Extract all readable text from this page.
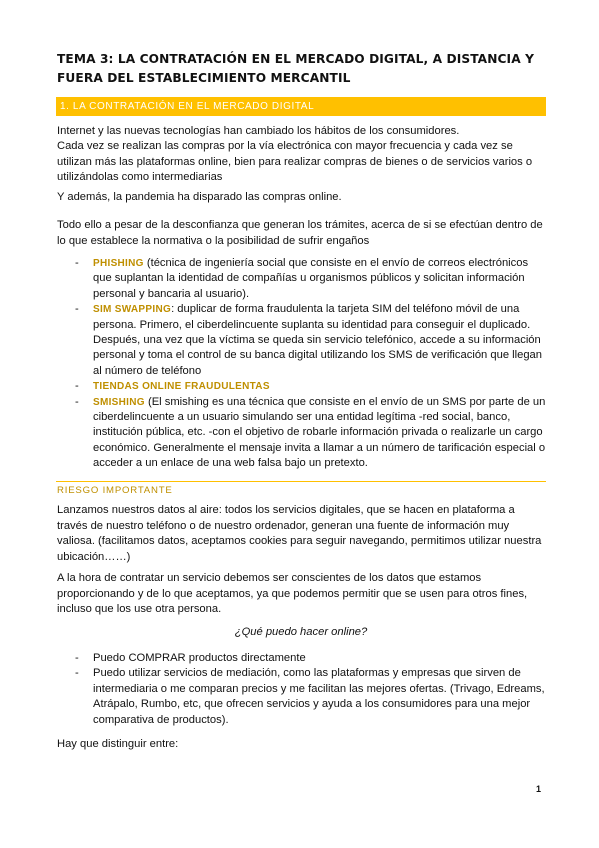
TEMA 3: LA CONTRATACIÓN EN EL MERCADO DIGITAL, A DISTANCIA Y FUERA DEL ESTABLECIMIENTO MERCANTIL
1. LA CONTRATACIÓN EN EL MERCADO DIGITAL
Internet y las nuevas tecnologías han cambiado los hábitos de los consumidores.
Cada vez se realizan las compras por la vía electrónica con mayor frecuencia y cada vez se utilizan más las plataformas online, bien para realizar compras de bienes o de servicios varios o utilizándolas como intermediarias
Y además, la pandemia ha disparado las compras online.
Todo ello a pesar de la desconfianza que generan los trámites, acerca de si se efectúan dentro de lo que establece la normativa o la posibilidad de sufrir engaños
- PHISHING (técnica de ingeniería social que consiste en el envío de correos electrónicos que suplantan la identidad de compañías u organismos públicos y solicitan información personal y bancaria al usuario).
- SIM SWAPPING: duplicar de forma fraudulenta la tarjeta SIM del teléfono móvil de una persona. Primero, el ciberdelincuente suplanta su identidad para conseguir el duplicado. Después, una vez que la víctima se queda sin servicio telefónico, accede a su información personal y toma el control de su banca digital utilizando los SMS de verificación que llegan al número de teléfono
- TIENDAS ONLINE FRAUDULENTAS
- SMISHING (El smishing es una técnica que consiste en el envío de un SMS por parte de un ciberdelincuente a un usuario simulando ser una entidad legítima -red social, banco, institución pública, etc. -con el objetivo de robarle información privada o realizarle un cargo económico. Generalmente el mensaje invita a llamar a un número de tarificación especial o acceder a un enlace de una web falsa bajo un pretexto.
RIESGO IMPORTANTE
Lanzamos nuestros datos al aire: todos los servicios digitales, que se hacen en plataforma a través de nuestro teléfono o de nuestro ordenador, generan una fuente de información muy valiosa. (facilitamos datos, aceptamos cookies para seguir navegando, permitimos utilizar nuestra ubicación……)
A la hora de contratar un servicio debemos ser conscientes de los datos que estamos proporcionando y de lo que aceptamos, ya que podemos permitir que se usen para otros fines, incluso que los use otra persona.
¿Qué puedo hacer online?
- Puedo COMPRAR productos directamente
- Puedo utilizar servicios de mediación, como las plataformas y empresas que sirven de intermediaria o me comparan precios y me facilitan las mejores ofertas. (Trivago, Edreams, Atrápalo, Rumbo, etc, que ofrecen servicios y ayuda a los consumidores para una mejor comparativa de productos).
Hay que distinguir entre:
1
